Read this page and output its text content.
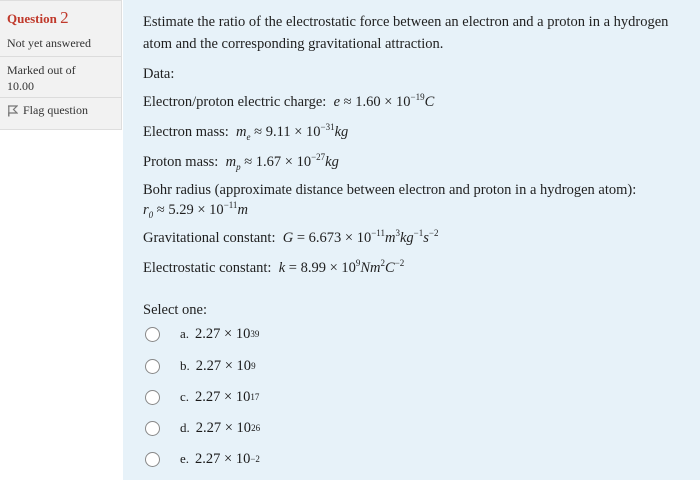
Question 2
Not yet answered
Marked out of
10.00
Flag question
Estimate the ratio of the electrostatic force between an electron and a proton in a hydrogen
atom and the corresponding gravitational attraction.
Data:
Electron/proton electric charge:  $e \approx 1.60 \times 10^{-19}C$
Electron mass:  $m_e \approx 9.11 \times 10^{-31}kg$
Proton mass:  $m_p \approx 1.67 \times 10^{-27}kg$
Bohr radius (approximate distance between electron and proton in a hydrogen atom):
$r_0 \approx 5.29 \times 10^{-11}m$
Gravitational constant:  $G = 6.673 \times 10^{-11}m^3kg^{-1}s^{-2}$
Electrostatic constant:  $k = 8.99 \times 10^9Nm^2C^{-2}$
Select one:
a. 2.27 × 10 39
b. 2.27 × 10 9
c. 2.27 × 10 17
d. 2.27 × 10 26
e. 2.27 × 10 −2
